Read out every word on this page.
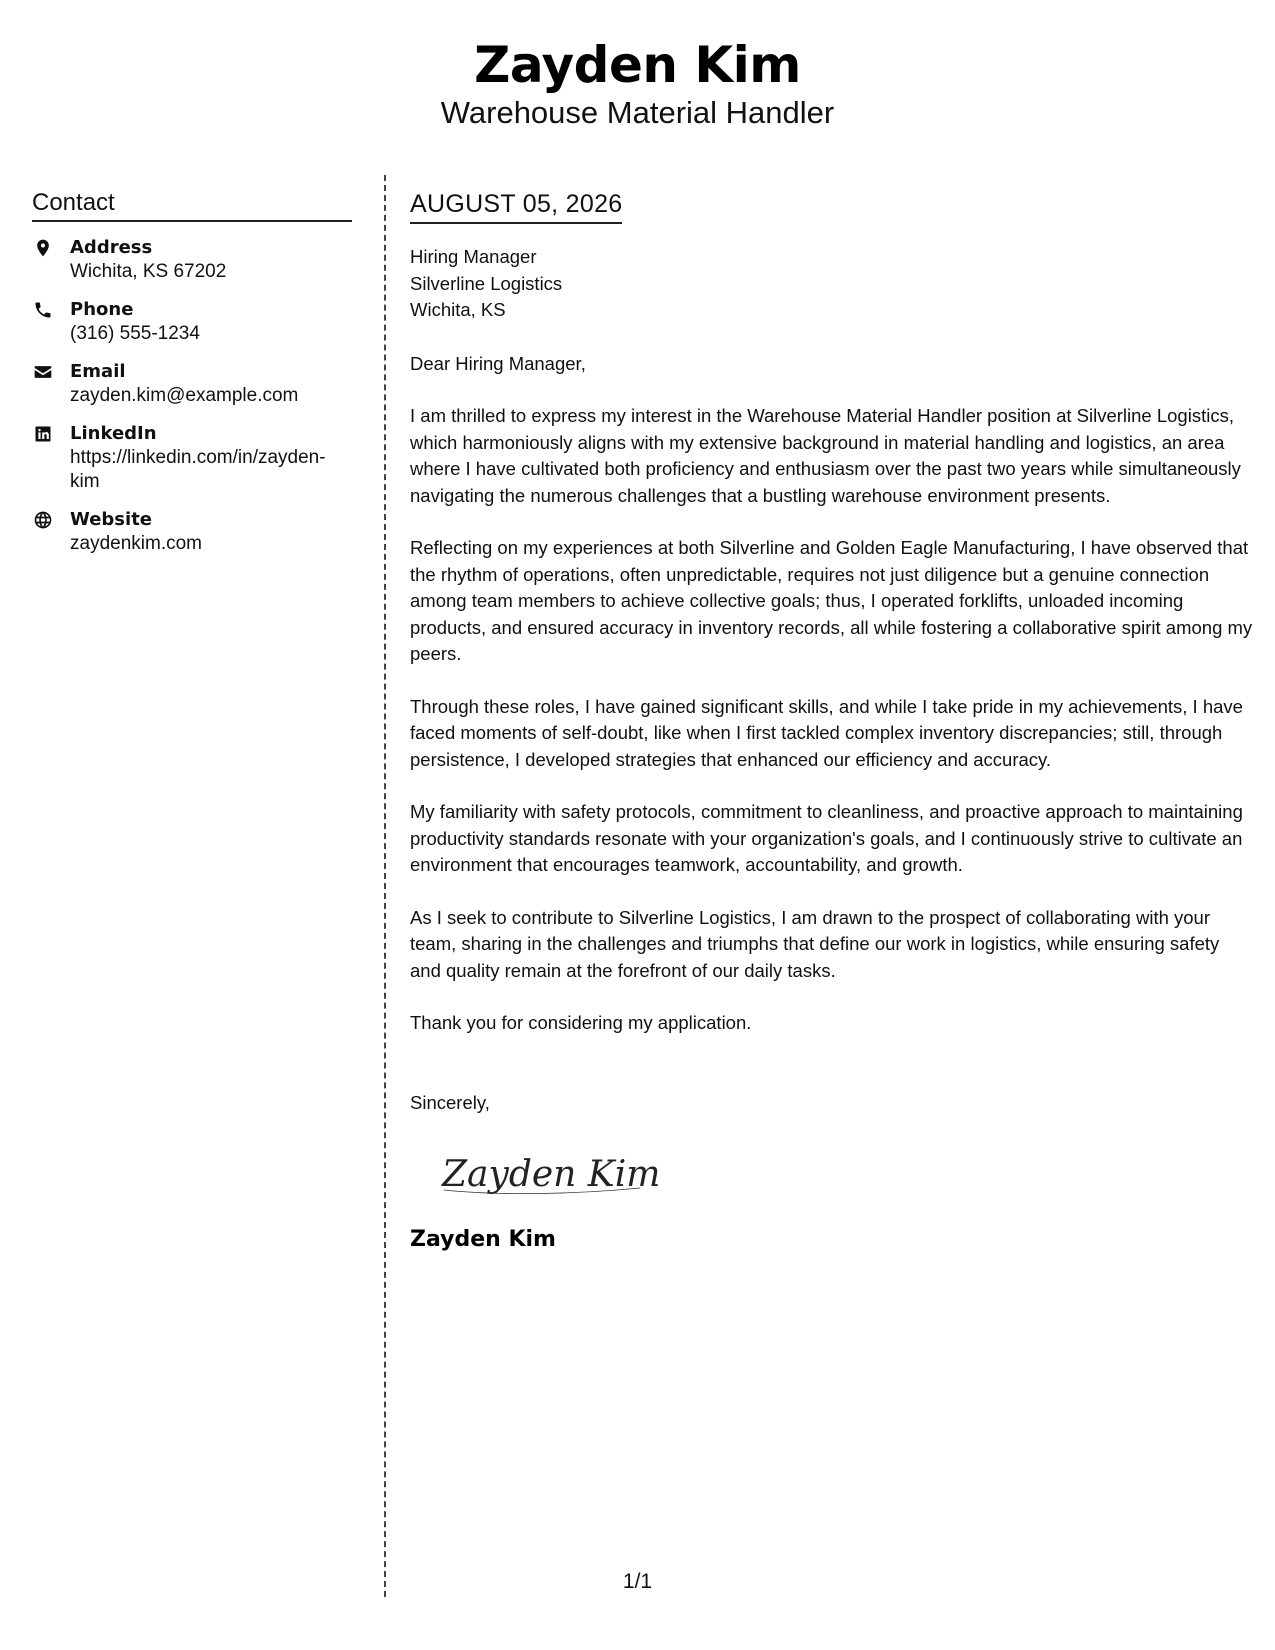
Zayden Kim
Warehouse Material Handler
Contact
Address
Wichita, KS 67202
Phone
(316) 555-1234
Email
zayden.kim@example.com
LinkedIn
https://linkedin.com/in/zayden-kim
Website
zaydenkim.com
AUGUST 05, 2026
Hiring Manager
Silverline Logistics
Wichita, KS
Dear Hiring Manager,
I am thrilled to express my interest in the Warehouse Material Handler position at Silverline Logistics, which harmoniously aligns with my extensive background in material handling and logistics, an area where I have cultivated both proficiency and enthusiasm over the past two years while simultaneously navigating the numerous challenges that a bustling warehouse environment presents.
Reflecting on my experiences at both Silverline and Golden Eagle Manufacturing, I have observed that the rhythm of operations, often unpredictable, requires not just diligence but a genuine connection among team members to achieve collective goals; thus, I operated forklifts, unloaded incoming products, and ensured accuracy in inventory records, all while fostering a collaborative spirit among my peers.
Through these roles, I have gained significant skills, and while I take pride in my achievements, I have faced moments of self-doubt, like when I first tackled complex inventory discrepancies; still, through persistence, I developed strategies that enhanced our efficiency and accuracy.
My familiarity with safety protocols, commitment to cleanliness, and proactive approach to maintaining productivity standards resonate with your organization's goals, and I continuously strive to cultivate an environment that encourages teamwork, accountability, and growth.
As I seek to contribute to Silverline Logistics, I am drawn to the prospect of collaborating with your team, sharing in the challenges and triumphs that define our work in logistics, while ensuring safety and quality remain at the forefront of our daily tasks.
Thank you for considering my application.
Sincerely,
Zayden Kim
Zayden Kim
1/1
